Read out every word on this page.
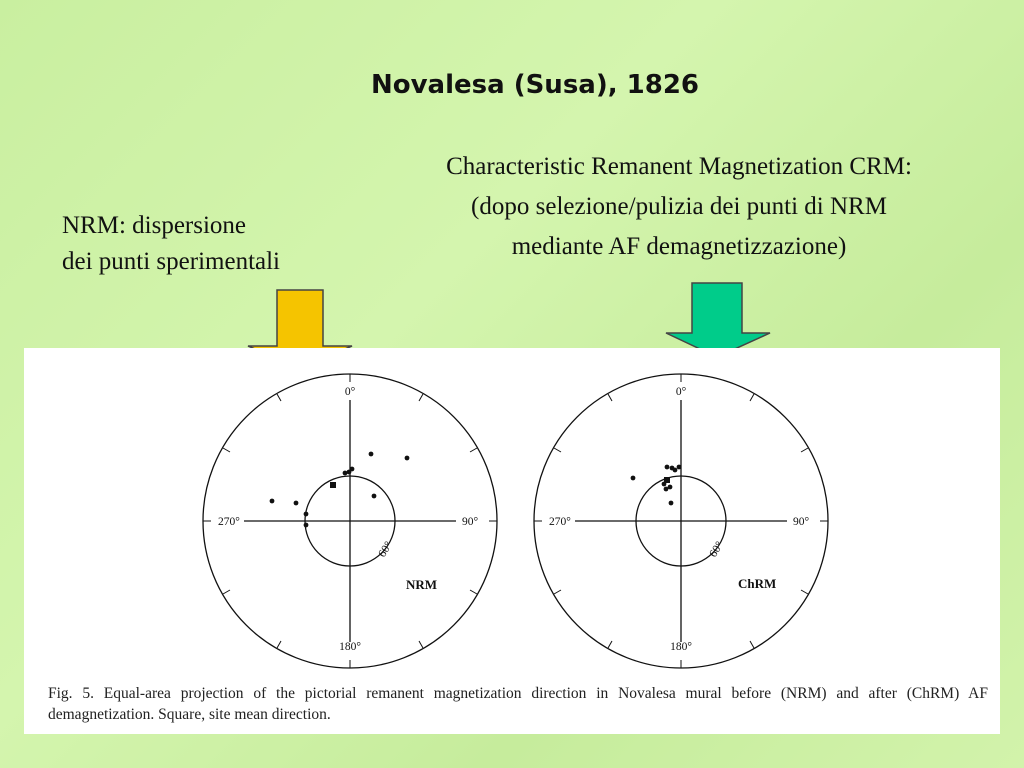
Novalesa (Susa), 1826
NRM: dispersione
dei punti sperimentali
Characteristic Remanent Magnetization CRM:
(dopo selezione/pulizia dei punti di NRM
mediante AF demagnetizzazione)
0°
90°
180°
270°
60°
NRM
0°
90°
180°
270°
60°
ChRM
Fig. 5. Equal-area projection of the pictorial remanent magnetization direction in Novalesa mural before (NRM) and after (ChRM) AF demagnetization. Square, site mean direction.
